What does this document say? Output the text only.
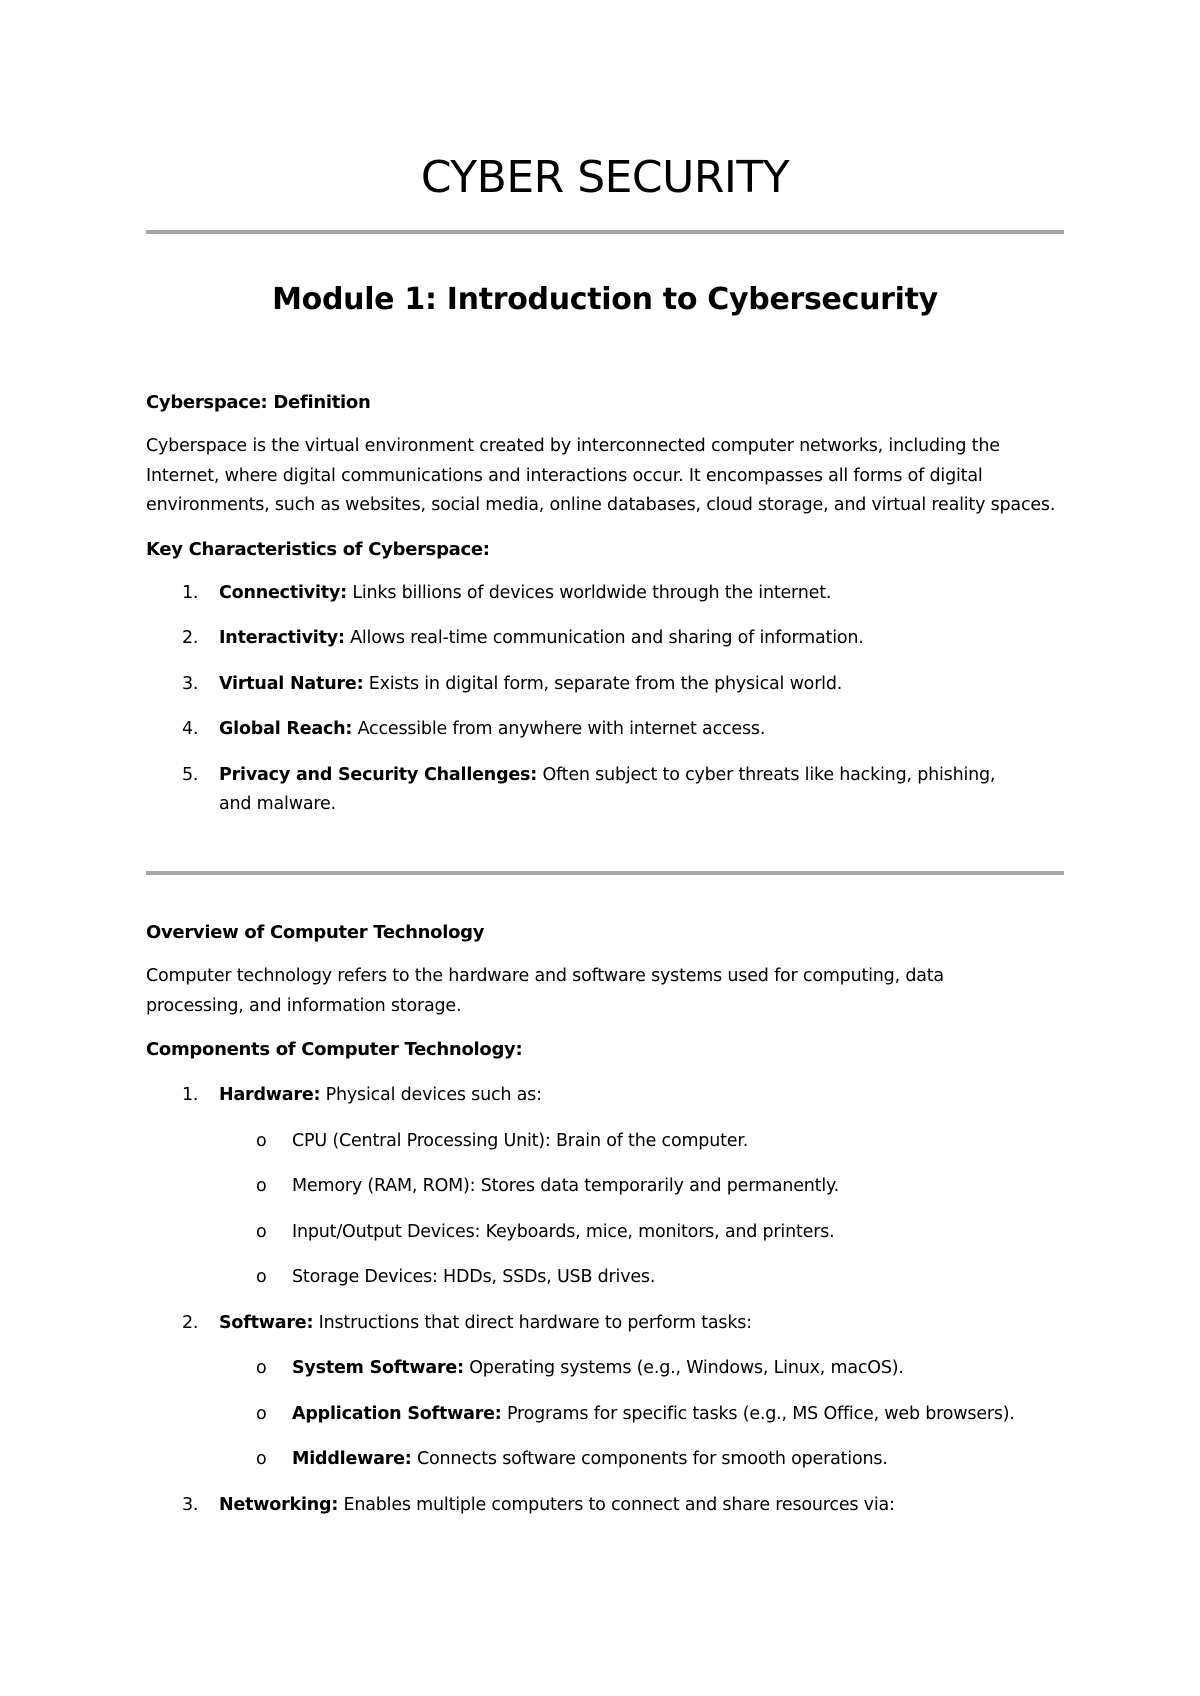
CYBER SECURITY
Module 1: Introduction to Cybersecurity
Cyberspace: Definition

Cyberspace is the virtual environment created by interconnected computer networks, including the Internet, where digital communications and interactions occur. It encompasses all forms of digital environments, such as websites, social media, online databases, cloud storage, and virtual reality spaces.

Key Characteristics of Cyberspace:
1.	Connectivity: Links billions of devices worldwide through the internet.
2.	Interactivity: Allows real-time communication and sharing of information.
3.	Virtual Nature: Exists in digital form, separate from the physical world.
4.	Global Reach: Accessible from anywhere with internet access.
5.	Privacy and Security Challenges: Often subject to cyber threats like hacking, phishing, and malware.
Overview of Computer Technology

Computer technology refers to the hardware and software systems used for computing, data processing, and information storage.

Components of Computer Technology:
1.	Hardware: Physical devices such as:
o CPU (Central Processing Unit): Brain of the computer.
o Memory (RAM, ROM): Stores data temporarily and permanently.
o Input/Output Devices: Keyboards, mice, monitors, and printers.
o Storage Devices: HDDs, SSDs, USB drives.
2.	Software: Instructions that direct hardware to perform tasks:
o System Software: Operating systems (e.g., Windows, Linux, macOS).
o Application Software: Programs for specific tasks (e.g., MS Office, web browsers).
o Middleware: Connects software components for smooth operations.
3.	Networking: Enables multiple computers to connect and share resources via:
